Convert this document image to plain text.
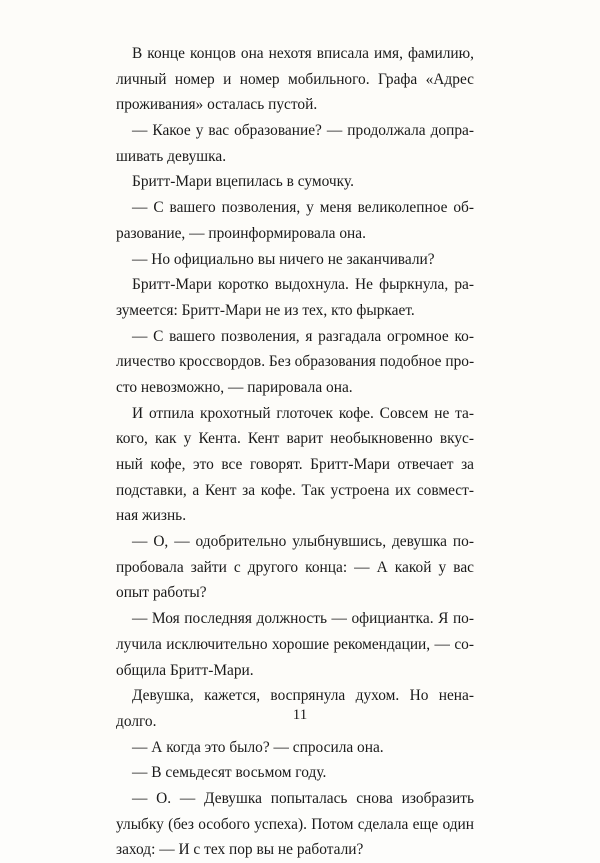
В конце концов она нехотя вписала имя, фамилию,
личный номер и номер мобильного. Графа «Адрес
проживания» осталась пустой.
— Какое у вас образование? — продолжала допра-
шивать девушка.
Бритт-Мари вцепилась в сумочку.
— С вашего позволения, у меня великолепное об-
разование, — проинформировала она.
— Но официально вы ничего не заканчивали?
Бритт-Мари коротко выдохнула. Не фыркнула, ра-
зумеется: Бритт-Мари не из тех, кто фыркает.
— С вашего позволения, я разгадала огромное ко-
личество кроссвордов. Без образования подобное про-
сто невозможно, — парировала она.
И отпила крохотный глоточек кофе. Совсем не та-
кого, как у Кента. Кент варит необыкновенно вкус-
ный кофе, это все говорят. Бритт-Мари отвечает за
подставки, а Кент за кофе. Так устроена их совмест-
ная жизнь.
— О, — одобрительно улыбнувшись, девушка по-
пробовала зайти с другого конца: — А какой у вас
опыт работы?
— Моя последняя должность — официантка. Я по-
лучила исключительно хорошие рекомендации, — со-
общила Бритт-Мари.
Девушка, кажется, воспрянула духом. Но нена-
долго.
— А когда это было? — спросила она.
— В семьдесят восьмом году.
— О. — Девушка попыталась снова изобразить
улыбку (без особого успеха). Потом сделала еще один
заход: — И с тех пор вы не работали?
11
